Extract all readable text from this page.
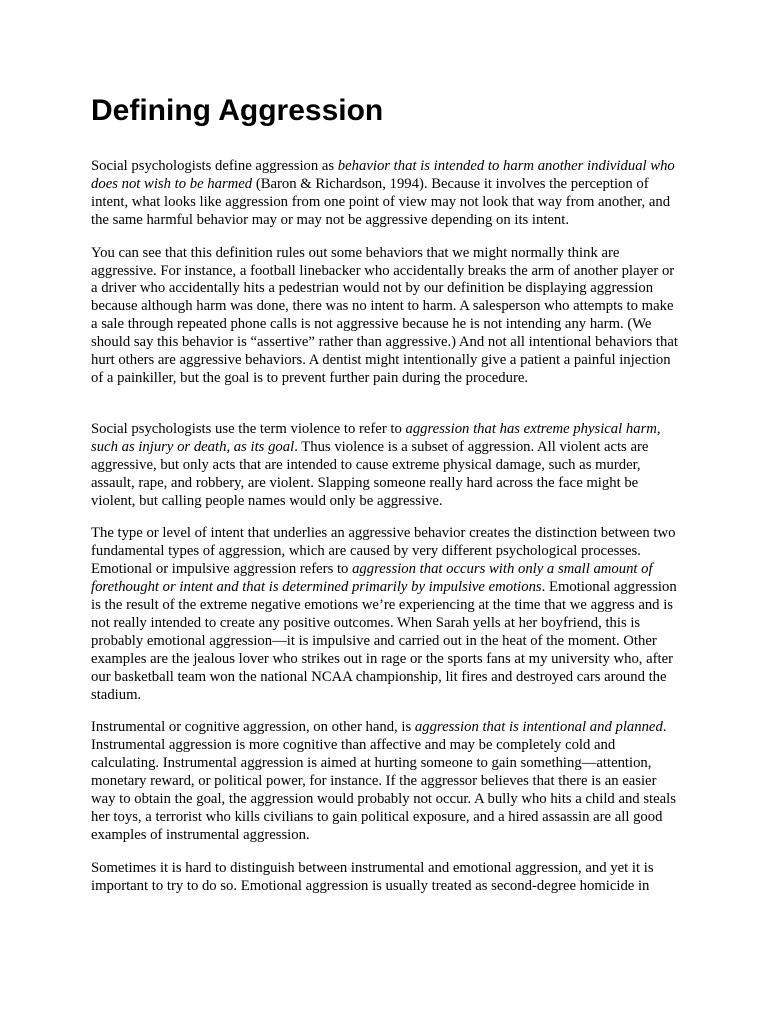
Defining Aggression

Social psychologists define aggression as behavior that is intended to harm another individual who does not wish to be harmed (Baron & Richardson, 1994). Because it involves the perception of intent, what looks like aggression from one point of view may not look that way from another, and the same harmful behavior may or may not be aggressive depending on its intent.

You can see that this definition rules out some behaviors that we might normally think are aggressive. For instance, a football linebacker who accidentally breaks the arm of another player or a driver who accidentally hits a pedestrian would not by our definition be displaying aggression because although harm was done, there was no intent to harm. A salesperson who attempts to make a sale through repeated phone calls is not aggressive because he is not intending any harm. (We should say this behavior is “assertive” rather than aggressive.) And not all intentional behaviors that hurt others are aggressive behaviors. A dentist might intentionally give a patient a painful injection of a painkiller, but the goal is to prevent further pain during the procedure.

Social psychologists use the term violence to refer to aggression that has extreme physical harm, such as injury or death, as its goal. Thus violence is a subset of aggression. All violent acts are aggressive, but only acts that are intended to cause extreme physical damage, such as murder, assault, rape, and robbery, are violent. Slapping someone really hard across the face might be violent, but calling people names would only be aggressive.

The type or level of intent that underlies an aggressive behavior creates the distinction between two fundamental types of aggression, which are caused by very different psychological processes. Emotional or impulsive aggression refers to aggression that occurs with only a small amount of forethought or intent and that is determined primarily by impulsive emotions. Emotional aggression is the result of the extreme negative emotions we’re experiencing at the time that we aggress and is not really intended to create any positive outcomes. When Sarah yells at her boyfriend, this is probably emotional aggression—it is impulsive and carried out in the heat of the moment. Other examples are the jealous lover who strikes out in rage or the sports fans at my university who, after our basketball team won the national NCAA championship, lit fires and destroyed cars around the stadium.

Instrumental or cognitive aggression, on other hand, is aggression that is intentional and planned. Instrumental aggression is more cognitive than affective and may be completely cold and calculating. Instrumental aggression is aimed at hurting someone to gain something—attention, monetary reward, or political power, for instance. If the aggressor believes that there is an easier way to obtain the goal, the aggression would probably not occur. A bully who hits a child and steals her toys, a terrorist who kills civilians to gain political exposure, and a hired assassin are all good examples of instrumental aggression.

Sometimes it is hard to distinguish between instrumental and emotional aggression, and yet it is important to try to do so. Emotional aggression is usually treated as second-degree homicide in
